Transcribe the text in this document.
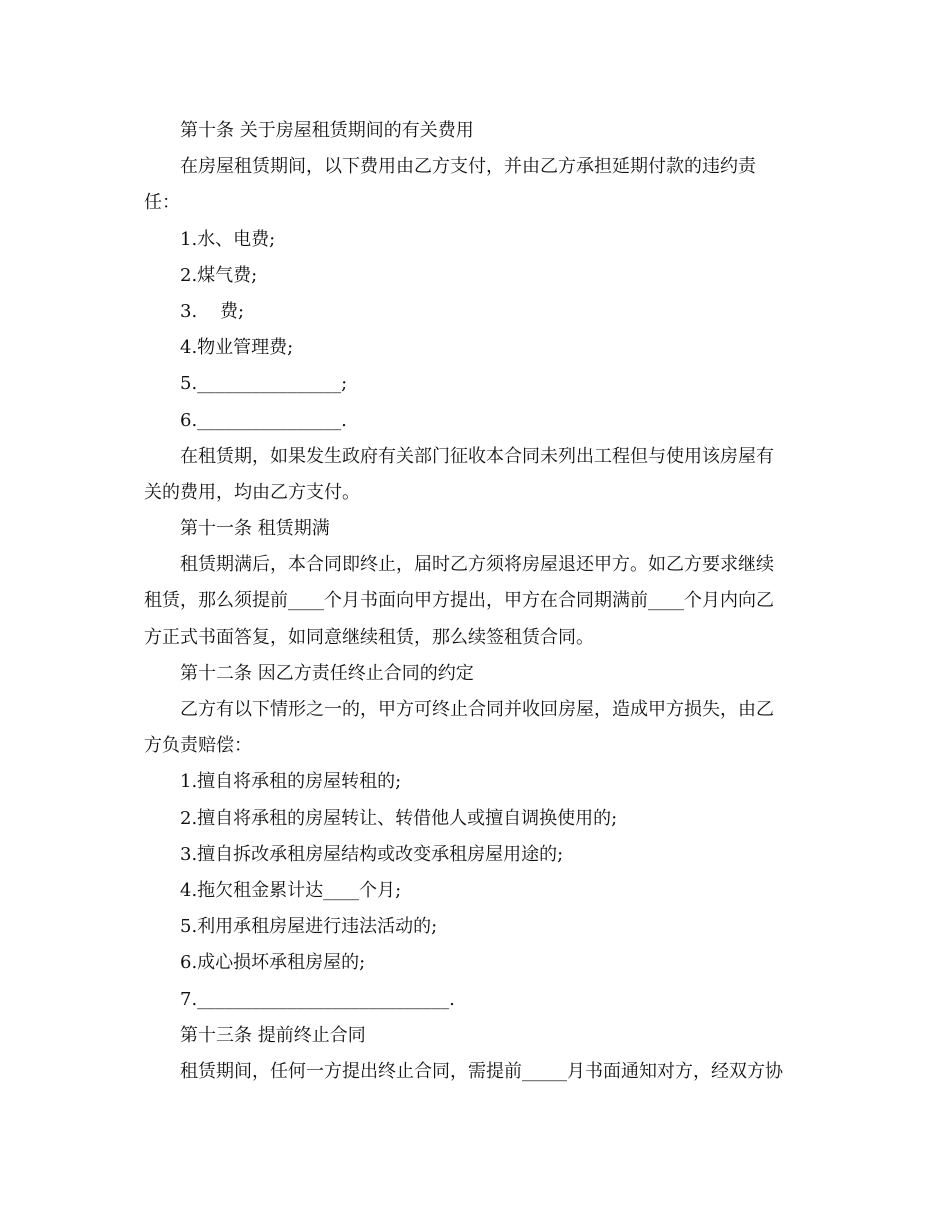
第十条 关于房屋租赁期间的有关费用
在房屋租赁期间，以下费用由乙方支付，并由乙方承担延期付款的违约责
任：
1.水、电费;
2.煤气费;
3.    费;
4.物业管理费;
5.________________;
6.________________.
在租赁期，如果发生政府有关部门征收本合同未列出工程但与使用该房屋有
关的费用，均由乙方支付。
第十一条 租赁期满
租赁期满后，本合同即终止，届时乙方须将房屋退还甲方。如乙方要求继续
租赁，那么须提前____个月书面向甲方提出，甲方在合同期满前____个月内向乙
方正式书面答复，如同意继续租赁，那么续签租赁合同。
第十二条 因乙方责任终止合同的约定
乙方有以下情形之一的，甲方可终止合同并收回房屋，造成甲方损失，由乙
方负责赔偿：
1.擅自将承租的房屋转租的;
2.擅自将承租的房屋转让、转借他人或擅自调换使用的;
3.擅自拆改承租房屋结构或改变承租房屋用途的;
4.拖欠租金累计达____个月;
5.利用承租房屋进行违法活动的;
6.成心损坏承租房屋的;
7.____________________________.
第十三条 提前终止合同
租赁期间，任何一方提出终止合同，需提前_____月书面通知对方，经双方协
